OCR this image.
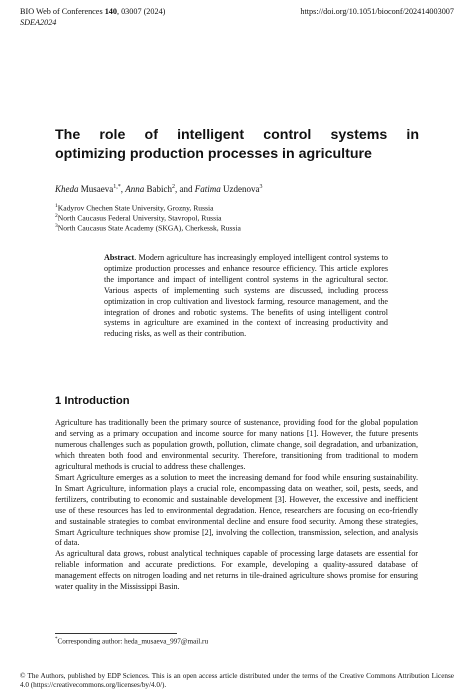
BIO Web of Conferences 140, 03007 (2024)	https://doi.org/10.1051/bioconf/202414003007
SDEA2024
The role of intelligent control systems in
optimizing production processes in agriculture
Kheda Musaeva$^{1,*}$, Anna Babich$^2$, and Fatima Uzdenova$^3$
$^1$Kadyrov Chechen State University, Grozny, Russia
$^2$North Caucasus Federal University, Stavropol, Russia
$^3$North Caucasus State Academy (SKGA), Cherkessk, Russia
Abstract. Modern agriculture has increasingly employed intelligent control systems to optimize production processes and enhance resource efficiency. This article explores the importance and impact of intelligent control systems in the agricultural sector. Various aspects of implementing such systems are discussed, including process optimization in crop cultivation and livestock farming, resource management, and the integration of drones and robotic systems. The benefits of using intelligent control systems in agriculture are examined in the context of increasing productivity and reducing risks, as well as their contribution.
1 Introduction

Agriculture has traditionally been the primary source of sustenance, providing food for the global population and serving as a primary occupation and income source for many nations [1]. However, the future presents numerous challenges such as population growth, pollution, climate change, soil degradation, and urbanization, which threaten both food and environmental security. Therefore, transitioning from traditional to modern agricultural methods is crucial to address these challenges.

Smart Agriculture emerges as a solution to meet the increasing demand for food while ensuring sustainability. In Smart Agriculture, information plays a crucial role, encompassing data on weather, soil, pests, seeds, and fertilizers, contributing to economic and sustainable development [3]. However, the excessive and inefficient use of these resources has led to environmental degradation. Hence, researchers are focusing on eco-friendly and sustainable strategies to combat environmental decline and ensure food security. Among these strategies, Smart Agriculture techniques show promise [2], involving the collection, transmission, selection, and analysis of data.

As agricultural data grows, robust analytical techniques capable of processing large datasets are essential for reliable information and accurate predictions. For example, developing a quality-assured database of management effects on nitrogen loading and net returns in tile-drained agriculture shows promise for ensuring water quality in the Mississippi Basin.

*Corresponding author: heda_musaeva_997@mail.ru
© The Authors, published by EDP Sciences. This is an open access article distributed under the terms of the Creative Commons Attribution License 4.0 (https://creativecommons.org/licenses/by/4.0/).
